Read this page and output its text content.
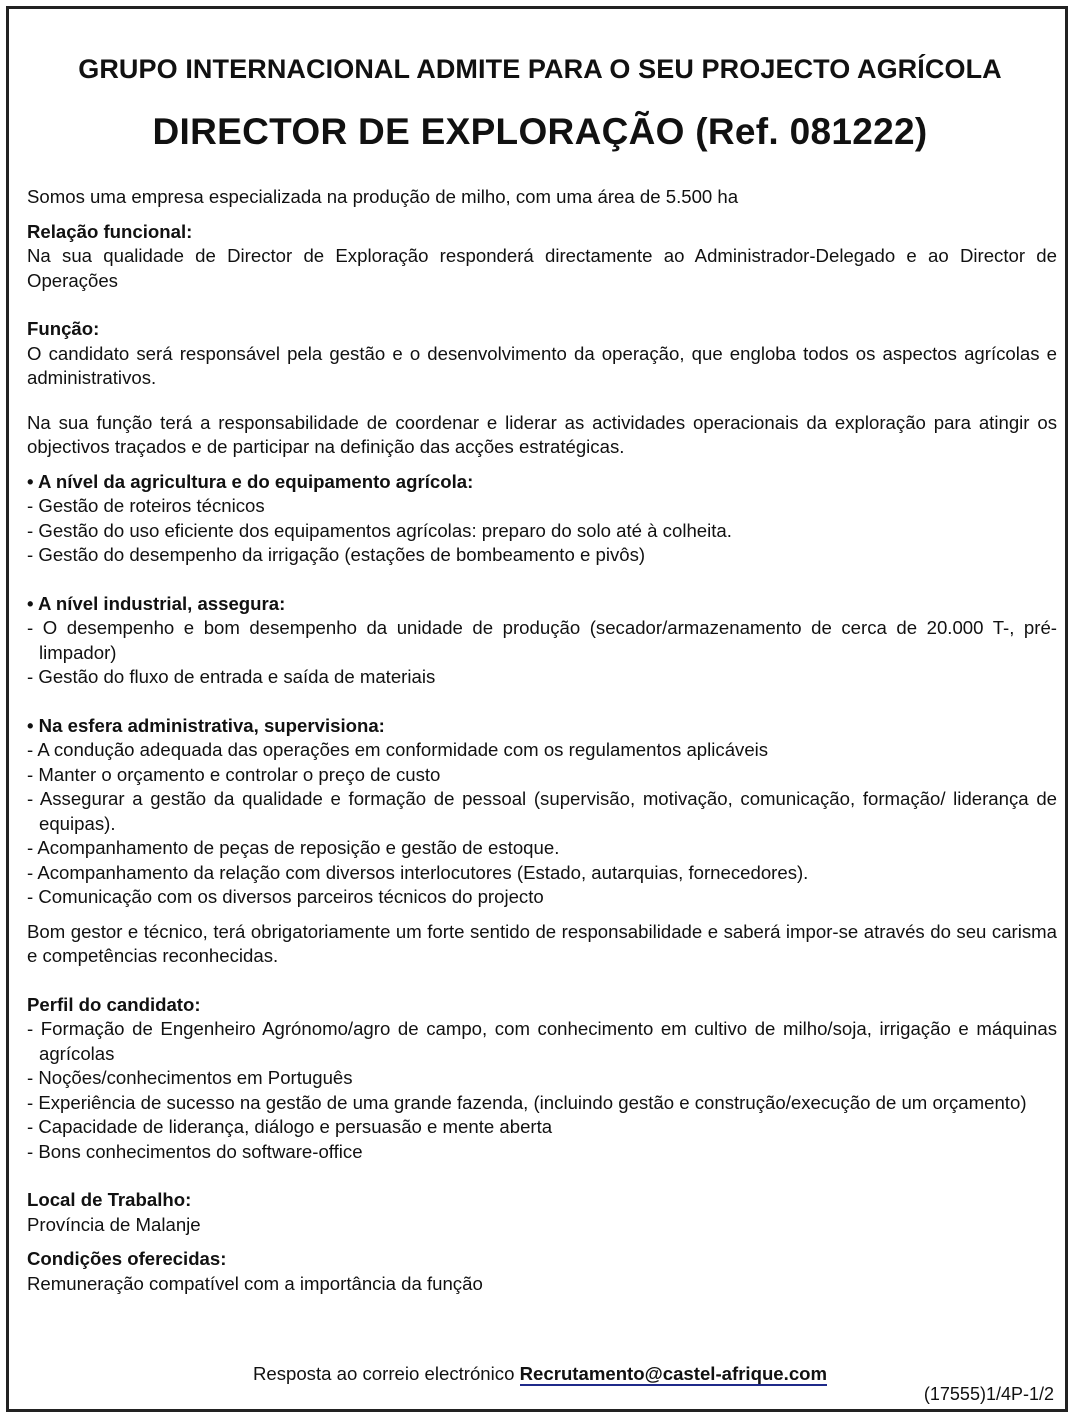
GRUPO INTERNACIONAL ADMITE PARA O SEU PROJECTO AGRÍCOLA
DIRECTOR DE EXPLORAÇÃO (Ref. 081222)

Somos uma empresa especializada na produção de milho, com uma área de 5.500 ha

Relação funcional:

Na sua qualidade de Director de Exploração responderá directamente ao Administrador-Delegado e ao Director de Operações

Função:

O candidato será responsável pela gestão e o desenvolvimento da operação, que engloba todos os aspectos agrícolas e administrativos.

Na sua função terá a responsabilidade de coordenar e liderar as actividades operacionais da exploração para atingir os objectivos traçados e de participar na definição das acções estratégicas.

• A nível da agricultura e do equipamento agrícola:

- Gestão de roteiros técnicos

- Gestão do uso eficiente dos equipamentos agrícolas: preparo do solo até à colheita.

- Gestão do desempenho da irrigação (estações de bombeamento e pivôs)

• A nível industrial, assegura:

- O desempenho e bom desempenho da unidade de produção (secador/armazenamento de cerca de 20.000 T-, pré-limpador)

- Gestão do fluxo de entrada e saída de materiais

• Na esfera administrativa, supervisiona:

- A condução adequada das operações em conformidade com os regulamentos aplicáveis

- Manter o orçamento e controlar o preço de custo

- Assegurar a gestão da qualidade e formação de pessoal (supervisão, motivação, comunicação, formação/ liderança de equipas).

- Acompanhamento de peças de reposição e gestão de estoque.

- Acompanhamento da relação com diversos interlocutores (Estado, autarquias, fornecedores).

- Comunicação com os diversos parceiros técnicos do projecto

Bom gestor e técnico, terá obrigatoriamente um forte sentido de responsabilidade e saberá impor-se através do seu carisma e competências reconhecidas.

Perfil do candidato:

- Formação de Engenheiro Agrónomo/agro de campo, com conhecimento em cultivo de milho/soja, irrigação e máquinas agrícolas

- Noções/conhecimentos em Português

- Experiência de sucesso na gestão de uma grande fazenda, (incluindo gestão e construção/execução de um orçamento)

- Capacidade de liderança, diálogo e persuasão e mente aberta

- Bons conhecimentos do software-office

Local de Trabalho:

Província de Malanje

Condições oferecidas:

Remuneração compatível com a importância da função

Resposta ao correio electrónico Recrutamento@castel-afrique.com
(17555)1/4P-1/2
